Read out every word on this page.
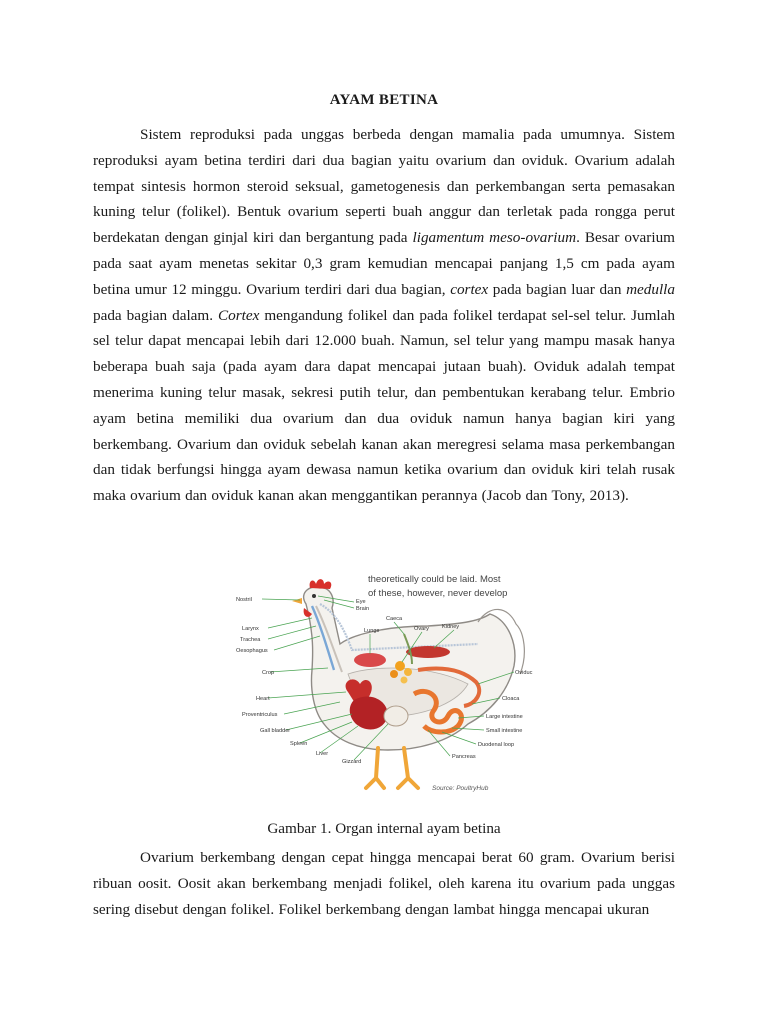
AYAM BETINA

Sistem reproduksi pada unggas berbeda dengan mamalia pada umumnya. Sistem reproduksi ayam betina terdiri dari dua bagian yaitu ovarium dan oviduk. Ovarium adalah tempat sintesis hormon steroid seksual, gametogenesis dan perkembangan serta pemasakan kuning telur (folikel). Bentuk ovarium seperti buah anggur dan terletak pada rongga perut berdekatan dengan ginjal kiri dan bergantung pada ligamentum meso-ovarium. Besar ovarium pada saat ayam menetas sekitar 0,3 gram kemudian mencapai panjang 1,5 cm pada ayam betina umur 12 minggu. Ovarium terdiri dari dua bagian, cortex pada bagian luar dan medulla pada bagian dalam. Cortex mengandung folikel dan pada folikel terdapat sel-sel telur. Jumlah sel telur dapat mencapai lebih dari 12.000 buah. Namun, sel telur yang mampu masak hanya beberapa buah saja (pada ayam dara dapat mencapai jutaan buah). Oviduk adalah tempat menerima kuning telur masak, sekresi putih telur, dan pembentukan kerabang telur. Embrio ayam betina memiliki dua ovarium dan dua oviduk namun hanya bagian kiri yang berkembang. Ovarium dan oviduk sebelah kanan akan meregresi selama masa perkembangan dan tidak berfungsi hingga ayam dewasa namun ketika ovarium dan oviduk kiri telah rusak maka ovarium dan oviduk kanan akan menggantikan perannya (Jacob dan Tony, 2013).

theoretically could be laid. Most
of these, however, never develop
Nostril	Eye
Brain
Larynx
Trachea
Oesophagus
Crop
Heart
Proventriculus
Gall bladder
Spleen
Liver
Gizzard
Lungs
Caeca
Ovary Kidney
Oviduc
Cloaca
Large intestine
Small intestine
Duodenal loop
Pancreas
Source: PoultryHub
Gambar 1. Organ internal ayam betina

Ovarium berkembang dengan cepat hingga mencapai berat 60 gram. Ovarium berisi ribuan oosit. Oosit akan berkembang menjadi folikel, oleh karena itu ovarium pada unggas sering disebut dengan folikel. Folikel berkembang dengan lambat hingga mencapai ukuran
